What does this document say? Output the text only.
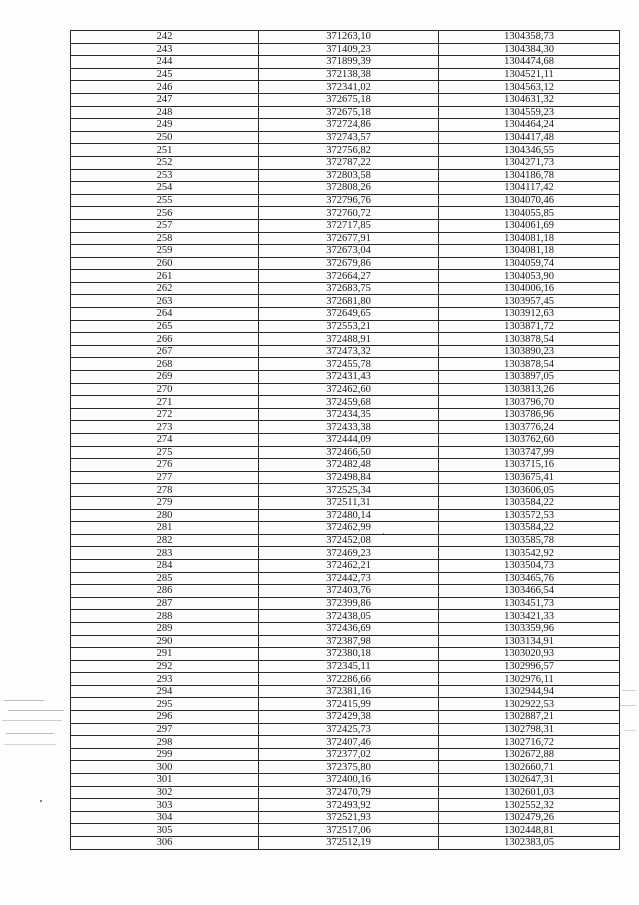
242	371263,10	1304358,73
243	371409,23	1304384,30
244	371899,39	1304474,68
245	372138,38	1304521,11
246	372341,02	1304563,12
247	372675,18	1304631,32
248	372675,18	1304559,23
249	372724,86	1304464,24
250	372743,57	1304417,48
251	372756,82	1304346,55
252	372787,22	1304271,73
253	372803,58	1304186,78
254	372808,26	1304117,42
255	372796,76	1304070,46
256	372760,72	1304055,85
257	372717,85	1304061,69
258	372677,91	1304081,18
259	372673,04	1304081,18
260	372679,86	1304059,74
261	372664,27	1304053,90
262	372683,75	1304006,16
263	372681,80	1303957,45
264	372649,65	1303912,63
265	372553,21	1303871,72
266	372488,91	1303878,54
267	372473,32	1303890,23
268	372455,78	1303878,54
269	372431,43	1303897,05
270	372462,60	1303813,26
271	372459,68	1303796,70
272	372434,35	1303786,96
273	372433,38	1303776,24
274	372444,09	1303762,60
275	372466,50	1303747,99
276	372482,48	1303715,16
277	372498,84	1303675,41
278	372525,34	1303606,05
279	372511,31	1303584,22
280	372480,14	1303572,53
281	372462,99	1303584,22
282	372452,08	1303585,78
283	372469,23	1303542,92
284	372462,21	1303504,73
285	372442,73	1303465,76
286	372403,76	1303466,54
287	372399,86	1303451,73
288	372438,05	1303421,33
289	372436,69	1303359,96
290	372387,98	1303134,91
291	372380,18	1303020,93
292	372345,11	1302996,57
293	372286,66	1302976,11
294	372381,16	1302944,94
295	372415,99	1302922,53
296	372429,38	1302887,21
297	372425,73	1302798,31
298	372407,46	1302716,72
299	372377,02	1302672,88
300	372375,80	1302660,71
301	372400,16	1302647,31
302	372470,79	1302601,03
303	372493,92	1302552,32
304	372521,93	1302479,26
305	372517,06	1302448,81
306	372512,19	1302383,05
